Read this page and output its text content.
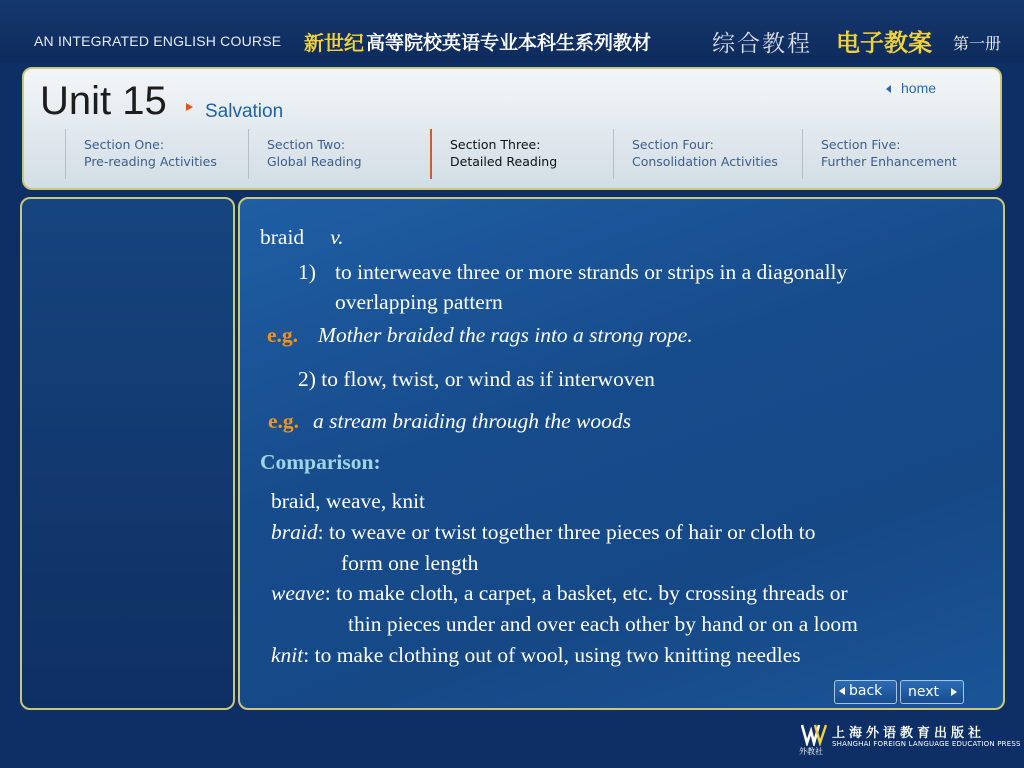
AN INTEGRATED ENGLISH COURSE 新世纪 高等院校英语专业本科生系列教材	综合教程 电子教案 第一册
Unit 15 Salvation
home
Section One:
Pre-reading Activities
Section Two:
Global Reading
Section Three:
Detailed Reading
Section Four:
Consolidation Activities
Section Five:
Further Enhancement
braid v.
1) to interweave three or more strands or strips in a diagonally
overlapping pattern
e.g. Mother braided the rags into a strong rope.
2) to flow, twist, or wind as if interwoven
e.g. a stream braiding through the woods
Comparison:
braid, weave, knit
braid: to weave or twist together three pieces of hair or cloth to
form one length
weave: to make cloth, a carpet, a basket, etc. by crossing threads or
thin pieces under and over each other by hand or on a loom
knit: to make clothing out of wool, using two knitting needles
back	next
上海外语教育出版社
SHANGHAI FOREIGN LANGUAGE EDUCATION PRESS
外教社
